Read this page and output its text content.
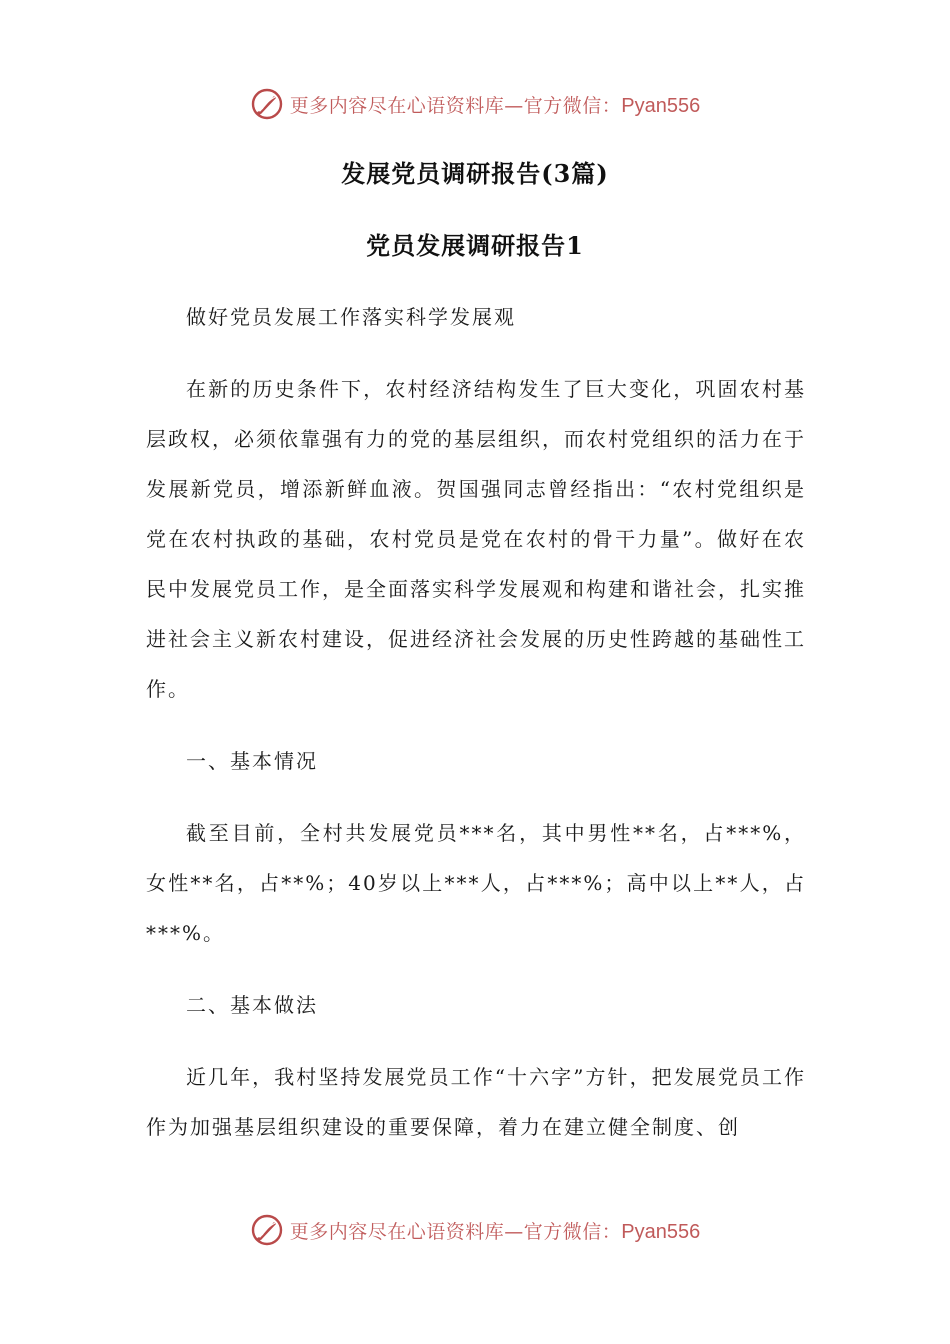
更多内容尽在心语资料库—官方微信：Pyan556
发展党员调研报告(3篇)
党员发展调研报告1

做好党员发展工作落实科学发展观

在新的历史条件下，农村经济结构发生了巨大变化，巩固农村基层政权，必须依靠强有力的党的基层组织，而农村党组织的活力在于发展新党员，增添新鲜血液。贺国强同志曾经指出：“农村党组织是党在农村执政的基础，农村党员是党在农村的骨干力量”。做好在农民中发展党员工作，是全面落实科学发展观和构建和谐社会，扎实推进社会主义新农村建设，促进经济社会发展的历史性跨越的基础性工作。

一、基本情况

截至目前，全村共发展党员***名，其中男性**名，占***%，女性**名，占**%；40岁以上***人，占***%；高中以上**人，占***%。

二、基本做法

近几年，我村坚持发展党员工作“十六字”方针，把发展党员工作作为加强基层组织建设的重要保障，着力在建立健全制度、创

更多内容尽在心语资料库—官方微信：Pyan556
